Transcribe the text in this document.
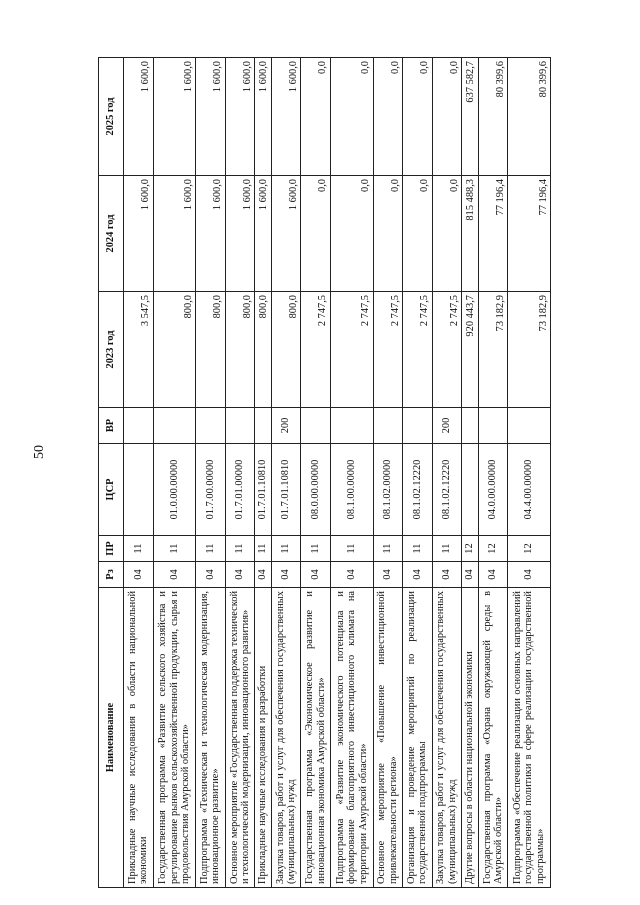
50
Наименование	Рз	ПР	ЦСР	ВР	2023 год	2024 год	2025 год
Прикладные научные исследования в области национальной экономики	04	11			3 547,5	1 600,0	1 600,0
Государственная программа «Развитие сельского хозяйства и регулирование рынков сельскохозяйственной продукции, сырья и продовольствия Амурской области»	04	11	01.0.00.00000		800,0	1 600,0	1 600,0
Подпрограмма «Техническая и технологическая модернизация, инновационное развитие»	04	11	01.7.00.00000		800,0	1 600,0	1 600,0
Основное мероприятие «Государственная поддержка технической и технологической модернизации, инновационного развития»	04	11	01.7.01.00000		800,0	1 600,0	1 600,0
Прикладные научные исследования и разработки	04	11	01.7.01.10810		800,0	1 600,0	1 600,0
Закупка товаров, работ и услуг для обеспечения государственных (муниципальных) нужд	04	11	01.7.01.10810	200	800,0	1 600,0	1 600,0
Государственная программа «Экономическое развитие и инновационная экономика Амурской области»	04	11	08.0.00.00000		2 747,5	0,0	0,0
Подпрограмма «Развитие экономического потенциала и формирование благоприятного инвестиционного климата на территории Амурской области»	04	11	08.1.00.00000		2 747,5	0,0	0,0
Основное мероприятие «Повышение инвестиционной привлекательности региона»	04	11	08.1.02.00000		2 747,5	0,0	0,0
Организация и проведение мероприятий по реализации государственной подпрограммы	04	11	08.1.02.12220		2 747,5	0,0	0,0
Закупка товаров, работ и услуг для обеспечения государственных (муниципальных) нужд	04	11	08.1.02.12220	200	2 747,5	0,0	0,0
Другие вопросы в области национальной экономики	04	12			920 443,7	815 488,3	637 582,7
Государственная программа «Охрана окружающей среды в Амурской области»	04	12	04.0.00.00000		73 182,9	77 196,4	80 399,6
Подпрограмма «Обеспечение реализации основных направлений государственной политики в сфере реализации государственной программы»	04	12	04.4.00.00000		73 182,9	77 196,4	80 399,6
